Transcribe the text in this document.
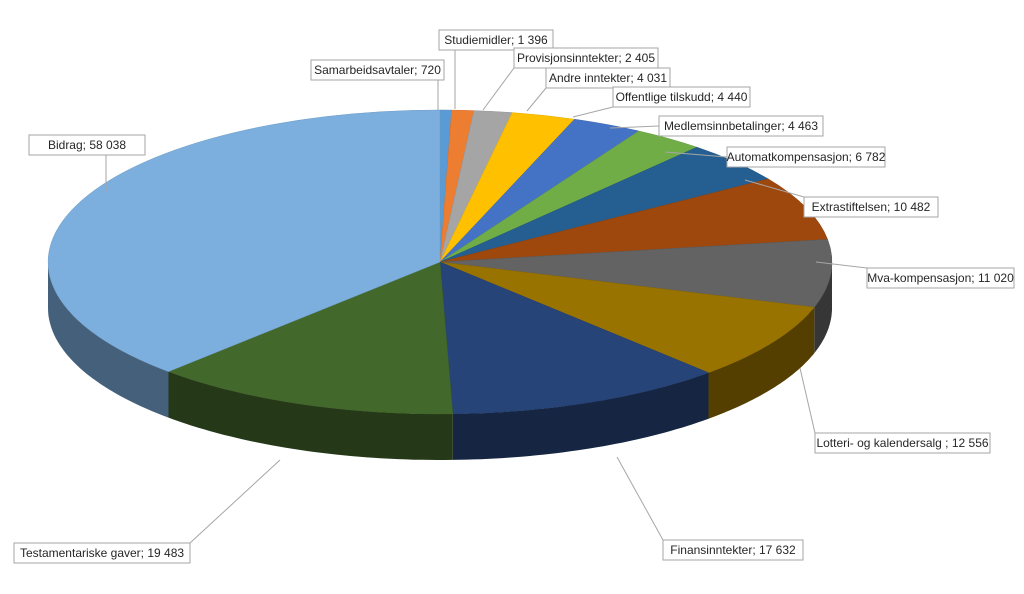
Samarbeidsavtaler; 720
Studiemidler; 1 396
Provisjonsinntekter; 2 405
Andre inntekter; 4 031
Offentlige tilskudd; 4 440
Medlemsinnbetalinger; 4 463
Automatkompensasjon; 6 782
Extrastiftelsen; 10 482
Mva-kompensasjon; 11 020
Lotteri- og kalendersalg ; 12 556
Finansinntekter; 17 632
Testamentariske gaver; 19 483
Bidrag; 58 038
